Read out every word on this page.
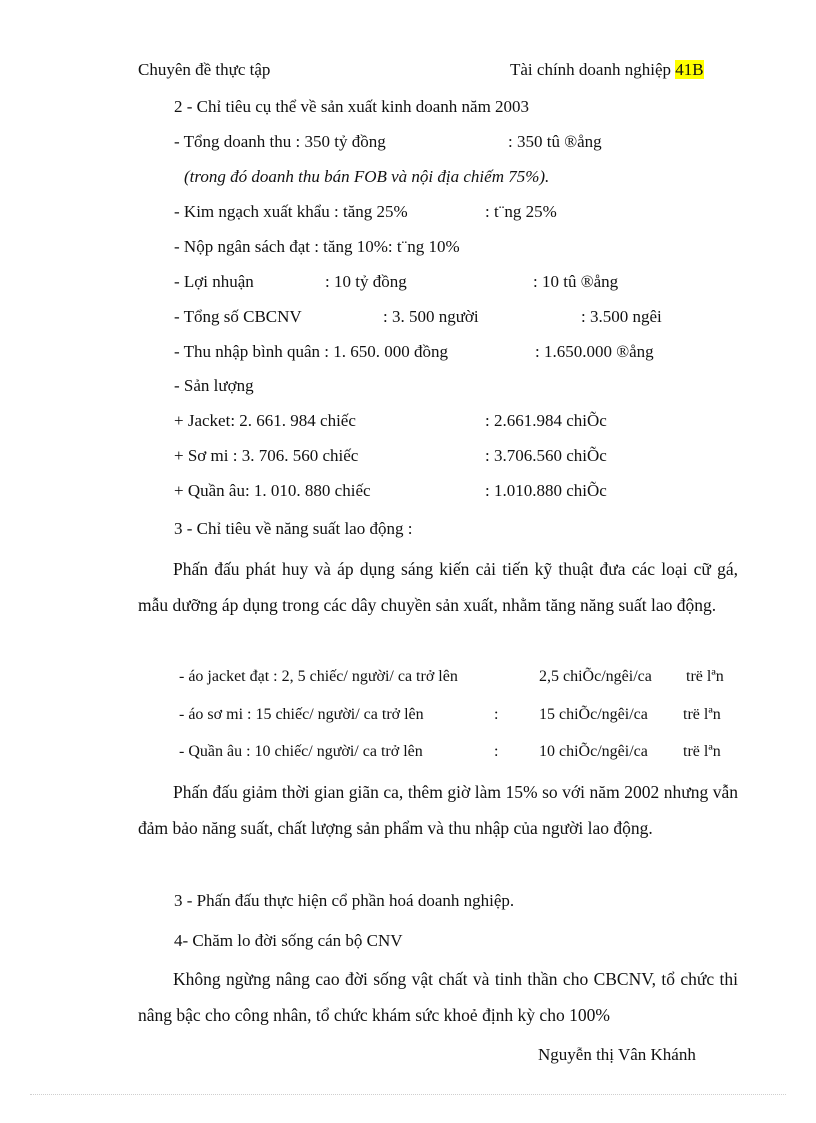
Chuyên đề thực tập	Tài chính doanh nghiệp 41B
2 - Chỉ tiêu cụ thể về sản xuất kinh doanh năm 2003
- Tổng doanh thu : 350 tỷ đồng	: 350 tû ®ång
(trong đó doanh thu bán FOB và nội địa chiếm 75%).
- Kim ngạch xuất khẩu : tăng 25%	: t¨ng 25%
- Nộp ngân sách đạt : tăng 10%: t¨ng 10%
- Lợi nhuận	: 10 tỷ đồng	: 10 tû ®ång
- Tổng số CBCNV	: 3. 500 người	: 3.500 ngêi
- Thu nhập bình quân : 1. 650. 000 đồng	: 1.650.000 ®ång
- Sản lượng
+ Jacket: 2. 661. 984 chiếc	: 2.661.984 chiÕc
+ Sơ mi : 3. 706. 560 chiếc	: 3.706.560 chiÕc
+ Quần âu: 1. 010. 880 chiếc	: 1.010.880 chiÕc
3 - Chỉ tiêu về năng suất lao động :
Phấn đấu phát huy và áp dụng sáng kiến cải tiến kỹ thuật đưa các loại cữ gá, mẫu dưỡng áp dụng trong các dây chuyền sản xuất, nhằm tăng năng suất lao động.
- áo jacket đạt : 2, 5 chiếc/ người/ ca trở lên	2,5 chiÕc/ngêi/ca trë lªn
- áo sơ mi : 15 chiếc/ người/ ca trở lên	:	15 chiÕc/ngêi/ca trë lªn
- Quần âu : 10 chiếc/ người/ ca trở lên	:	10 chiÕc/ngêi/ca trë lªn
Phấn đấu giảm thời gian giãn ca, thêm giờ làm 15% so với năm 2002 nhưng vẫn đảm bảo năng suất, chất lượng sản phẩm và thu nhập của người lao động.
3 - Phấn đấu thực hiện cổ phần hoá doanh nghiệp.
4- Chăm lo đời sống cán bộ CNV
Không ngừng nâng cao đời sống vật chất và tinh thần cho CBCNV, tổ chức thi nâng bậc cho công nhân, tổ chức khám sức khoẻ định kỳ cho 100%
Nguyễn thị Vân Khánh
